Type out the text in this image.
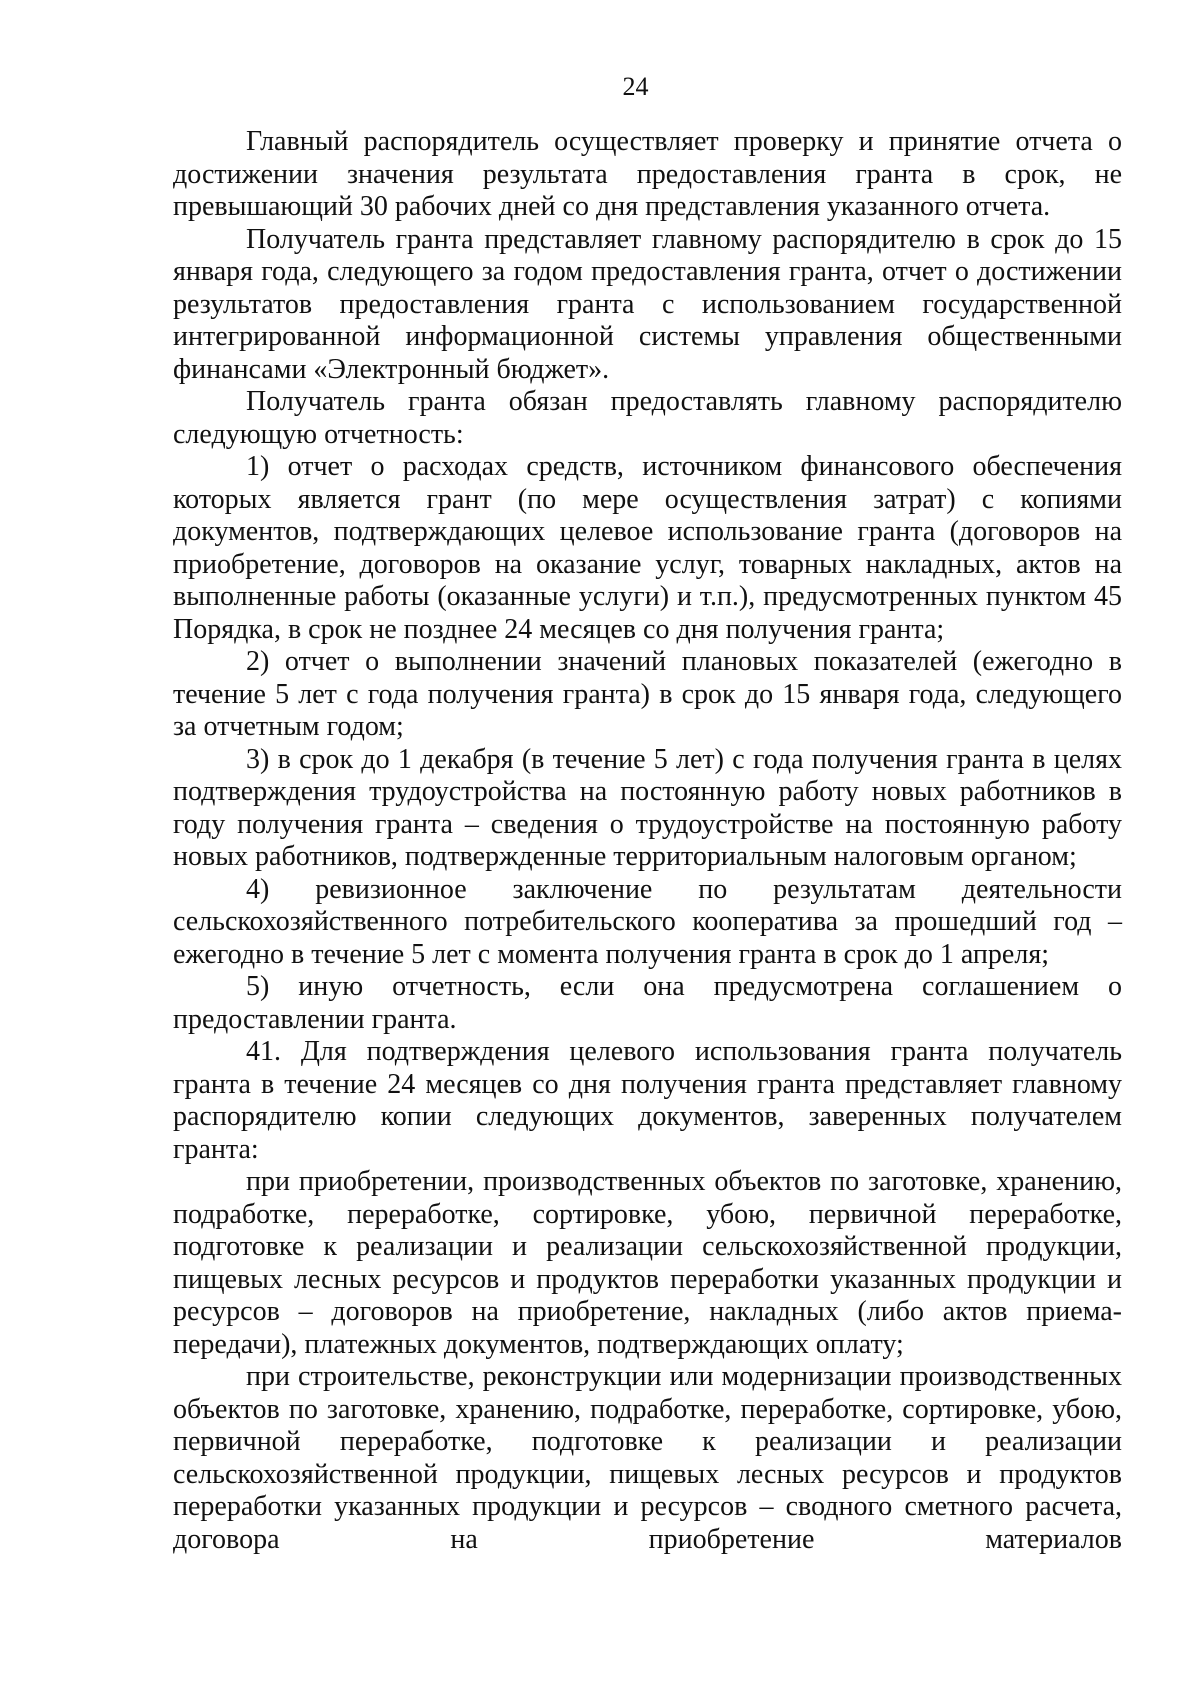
24

Главный распорядитель осуществляет проверку и принятие отчета о достижении значения результата предоставления гранта в срок, не превышающий 30 рабочих дней со дня представления указанного отчета.

Получатель гранта представляет главному распорядителю в срок до 15 января года, следующего за годом предоставления гранта, отчет о достижении результатов предоставления гранта с использованием государственной интегрированной информационной системы управления общественными финансами «Электронный бюджет».

Получатель гранта обязан предоставлять главному распорядителю следующую отчетность:

1) отчет о расходах средств, источником финансового обеспечения которых является грант (по мере осуществления затрат) с копиями документов, подтверждающих целевое использование гранта (договоров на приобретение, договоров на оказание услуг, товарных накладных, актов на выполненные работы (оказанные услуги) и т.п.), предусмотренных пунктом 45 Порядка, в срок не позднее 24 месяцев со дня получения гранта;

2) отчет о выполнении значений плановых показателей (ежегодно в течение 5 лет с года получения гранта) в срок до 15 января года, следующего за отчетным годом;

3) в срок до 1 декабря (в течение 5 лет) с года получения гранта в целях подтверждения трудоустройства на постоянную работу новых работников в году получения гранта – сведения о трудоустройстве на постоянную работу новых работников, подтвержденные территориальным налоговым органом;

4) ревизионное заключение по результатам деятельности сельскохозяйственного потребительского кооператива за прошедший год – ежегодно в течение 5 лет с момента получения гранта в срок до 1 апреля;

5) иную отчетность, если она предусмотрена соглашением о предоставлении гранта.

41. Для подтверждения целевого использования гранта получатель гранта в течение 24 месяцев со дня получения гранта представляет главному распорядителю копии следующих документов, заверенных получателем гранта:

при приобретении, производственных объектов по заготовке, хранению, подработке, переработке, сортировке, убою, первичной переработке, подготовке к реализации и реализации сельскохозяйственной продукции, пищевых лесных ресурсов и продуктов переработки указанных продукции и ресурсов – договоров на приобретение, накладных (либо актов приема-передачи), платежных документов, подтверждающих оплату;

при строительстве, реконструкции или модернизации производственных объектов по заготовке, хранению, подработке, переработке, сортировке, убою, первичной переработке, подготовке к реализации и реализации сельскохозяйственной продукции, пищевых лесных ресурсов и продуктов переработки указанных продукции и ресурсов – сводного сметного расчета, договора на приобретение материалов
